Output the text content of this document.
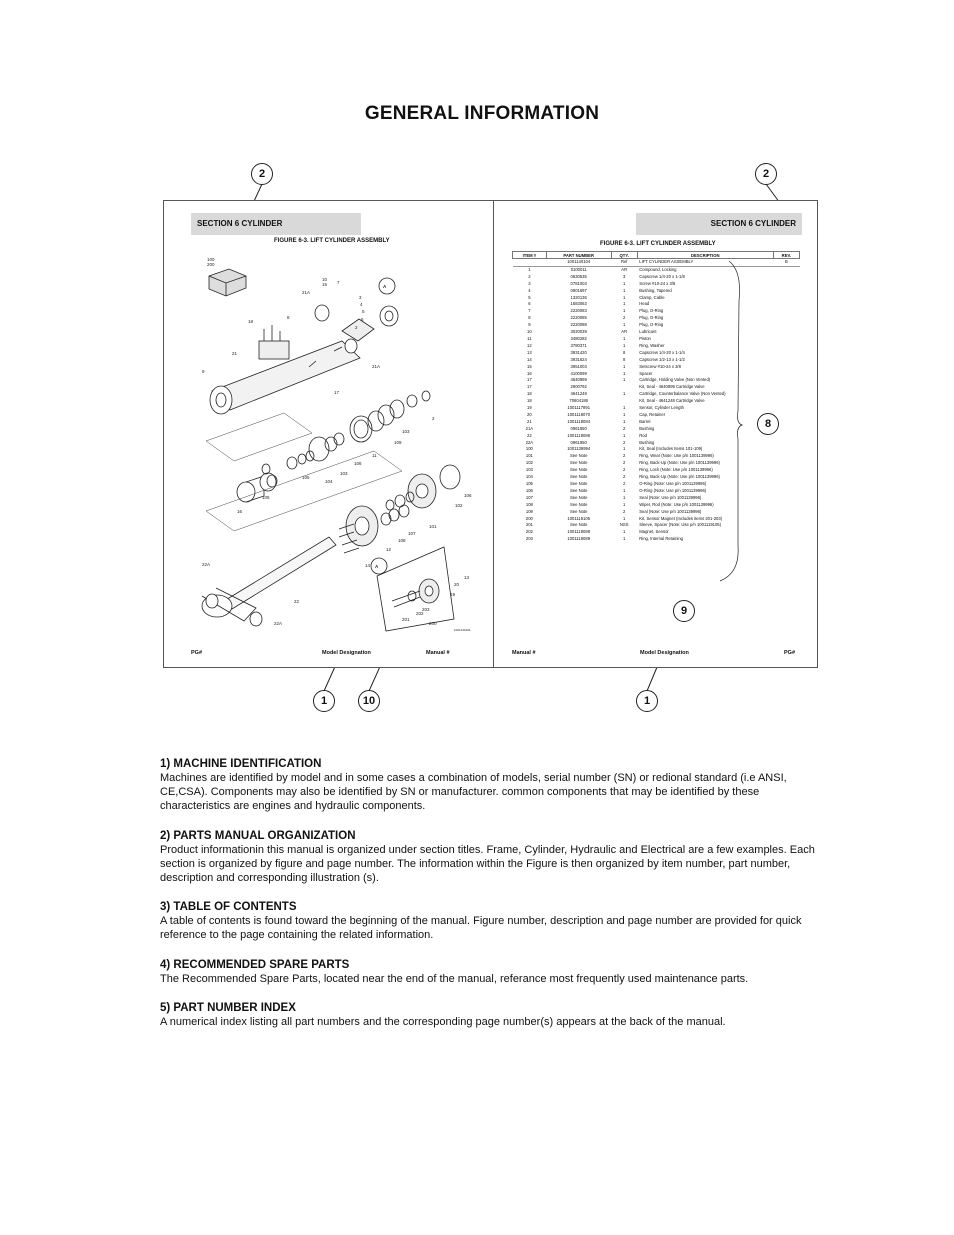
GENERAL INFORMATION
2	2
SECTION 6 CYLINDER
FIGURE 6-3. LIFT CYLINDER ASSEMBLY
100
200
10
15 7
21A
3
4
5
6
2
8
18
21
9
21A
17
2
103
109
11
106
104
105
103
105
16
101
106
102
107
108
12
22A	14
22
22A
20
13
19
203
201
202
200
A
A
1001140104
PG#	Model Designation	Manual #
SECTION 6 CYLINDER
FIGURE 6-3. LIFT CYLINDER ASSEMBLY
ITEM #	PART NUMBER	QTY.	DESCRIPTION	REV.
	1001140104	Ref	LIFT CYLINDER ASSEMBLY	B
1	0100011	AR	Compound, Locking	
2	0630535	3	Capscrew 1/4-20 x 1-1/8	
3	0781003	1	Screw #10-24 x 3/8	
4	0901697	1	Bushing, Tapered	
5	1320136	1	Clamp, Cable	
6	1683063	1	Head	
7	2220083	1	Plug, O-Ring	
8	2220085	2	Plug, O-Ring	
9	2220088	1	Plug, O-Ring	
10	3020039	AR	Lubricant	
11	3480282	1	Piston	
12	3780371	1	Ring, Washer	
13	3931420	8	Capscrew 1/4-20 x 1-1/4	
14	3931624	8	Capscrew 1/2-13 x 1-1/2	
15	3951003	1	Setscrew #10-24 x 3/8	
16	4100099	1	Spacer	
17	4640999	1	Cartridge, Holding Valve (Non Vented)	
17	2900792		Kit, Seal - 4640999 Cartridge Valve	
18	4641248	1	Cartridge, Counterbalance Valve (Non Vented)	
18	70604186		Kit, Seal - 4641248 Cartridge Valve	
19	1001117891	1	Sensor, Cylinder Length	
20	1001118070	1	Cap, Retainer	
21	1001118084	1	Barrel	
21A	0961950	2	Bushing	
22	1001118086	1	Rod	
22A	0961950	2	Bushing	
100	1001139994	1	Kit, Seal (Includes Items 101-109)	
101	See Note	2	Ring, Wear (Note: Use p/n 1001139996)	
102	See Note	2	Ring, Back-Up (Note: Use p/n 1001139996)	
103	See Note	2	Ring, Lock (Note: Use p/n 1001139996)	
104	See Note	2	Ring, Back-Up (Note: Use p/n 1001139996)	
105	See Note	2	O-Ring (Note: Use p/n 1001139996)	
106	See Note	1	O-Ring (Note: Use p/n 1001139996)	
107	See Note	1	Seal (Note: Use p/n 1001139996)	
108	See Note	1	Wiper, Rod (Note: Use p/n 1001139996)	
109	See Note	2	Seal (Note: Use p/n 1001139996)	
200	1001119105	1	Kit, Sensor Magnet (Includes items 201-203)	
201	See Note	NSS	Sleeve, Spacer (Note: Use p/n 1001119105)	
202	1001118088	1	Magnet, Sensor	
203	1001118089	1	Ring, Internal Retaining	
Manual #	Model Designation	PG#
8
9
1	10	1
1) MACHINE IDENTIFICATION

Machines are identified by model and in some cases a combination of models, serial number (SN) or redional standard (i.e ANSI, CE,CSA). Components may also be identified by SN or manufacturer. common components that may be identified by these characteristics are engines and hydraulic components.

2) PARTS MANUAL ORGANIZATION

Product informationin this manual is organized under section titles. Frame, Cylinder, Hydraulic and Electrical are a few examples. Each section is organized by figure and page number. The information within the Figure is then organized by item number, part number, description and corresponding illustration (s).

3) TABLE OF CONTENTS

A table of contents is found toward the beginning of the manual. Figure number, description and page number are provided for quick reference to the page containing the related information.

4) RECOMMENDED SPARE PARTS

The Recommended Spare Parts, located near the end of the manual, referance most frequently used maintenance parts.

5) PART NUMBER INDEX

A numerical index listing all part numbers and the corresponding page number(s) appears at the back of the manual.
